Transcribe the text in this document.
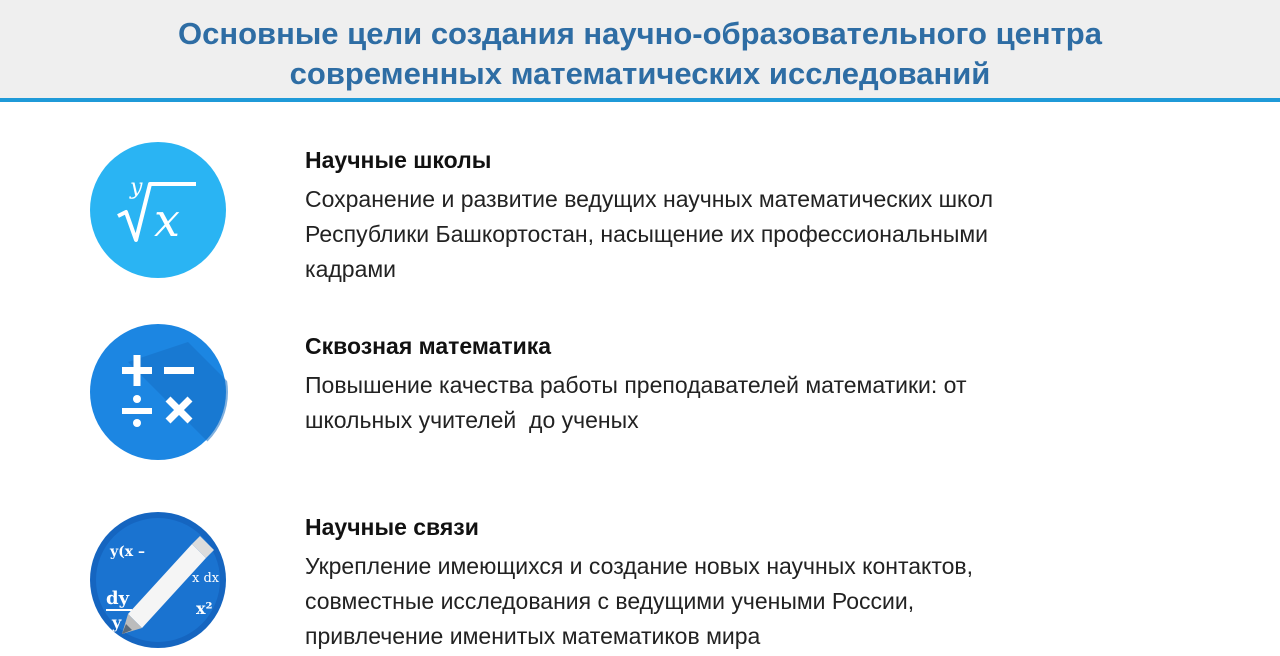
Основные цели создания научно-образовательного центра
современных математических исследований
y
x
Научные школы
Сохранение и развитие ведущих научных математических школ
Республики Башкортостан, насыщение их профессиональными
кадрами
Сквозная математика
Повышение качества работы преподавателей математики: от
школьных учителей  до ученых
y(x –
dy
y
x dx
x²
Научные связи
Укрепление имеющихся и создание новых научных контактов,
совместные исследования с ведущими учеными России,
привлечение именитых математиков мира
